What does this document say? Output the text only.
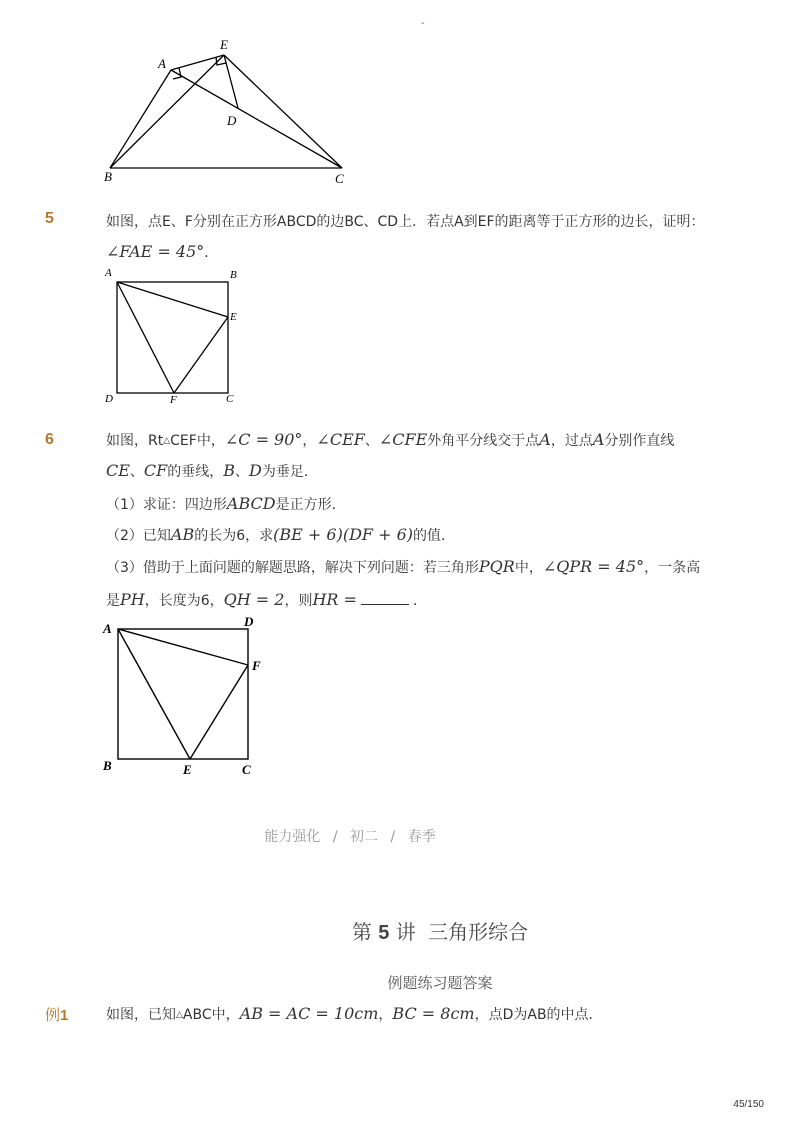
-
A
E
D
B	C
5	如图，点E、F分别在正方形ABCD的边BC、CD上．若点A到EF的距离等于正方形的边长，证明：
∠FAE = 45°．
A	B
E
D	F	C
6	如图，Rt△CEF中，∠C = 90°，∠CEF、∠CFE外角平分线交于点A，过点A分别作直线
CE、CF的垂线，B、D为垂足．
（1）求证：四边形ABCD是正方形．
（2）已知AB的长为6，求(BE + 6)(DF + 6)的值．
（3）借助于上面问题的解题思路，解决下列问题：若三角形PQR中，∠QPR = 45°，一条高
是PH，长度为6，QH = 2，则HR =	．
A	D
F
B	E	C
能力强化 / 初二 / 春季
第 5 讲 三角形综合
例题练习题答案
例1	如图，已知△ABC中，AB = AC = 10cm，BC = 8cm，点D为AB的中点．
45/150
